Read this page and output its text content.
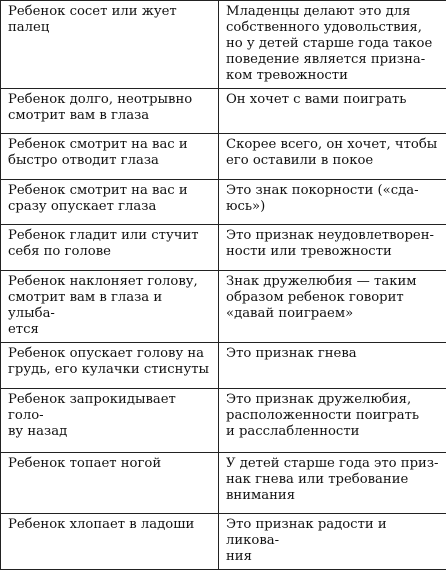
Ребенок сосет или жует палец	Младенцы делают это для
собственного удовольствия,
но у детей старше года такое
поведение является призна-
ком тревожности
Ребенок долго, неотрывно
смотрит вам в глаза	Он хочет с вами поиграть
Ребенок смотрит на вас и
быстро отводит глаза	Скорее всего, он хочет, чтобы
его оставили в покое
Ребенок смотрит на вас и
сразу опускает глаза	Это знак покорности («сда-
юсь»)
Ребенок гладит или стучит
себя по голове	Это признак неудовлетворен-
ности или тревожности
Ребенок наклоняет голову,
смотрит вам в глаза и улыба-
ется	Знак дружелюбия — таким
образом ребенок говорит
«давай поиграем»
Ребенок опускает голову на
грудь, его кулачки стиснуты	Это признак гнева
Ребенок запрокидывает голо-
ву назад	Это признак дружелюбия,
расположенности поиграть
и расслабленности
Ребенок топает ногой	У детей старше года это приз-
нак гнева или требование
внимания
Ребенок хлопает в ладоши	Это признак радости и ликова-
ния
